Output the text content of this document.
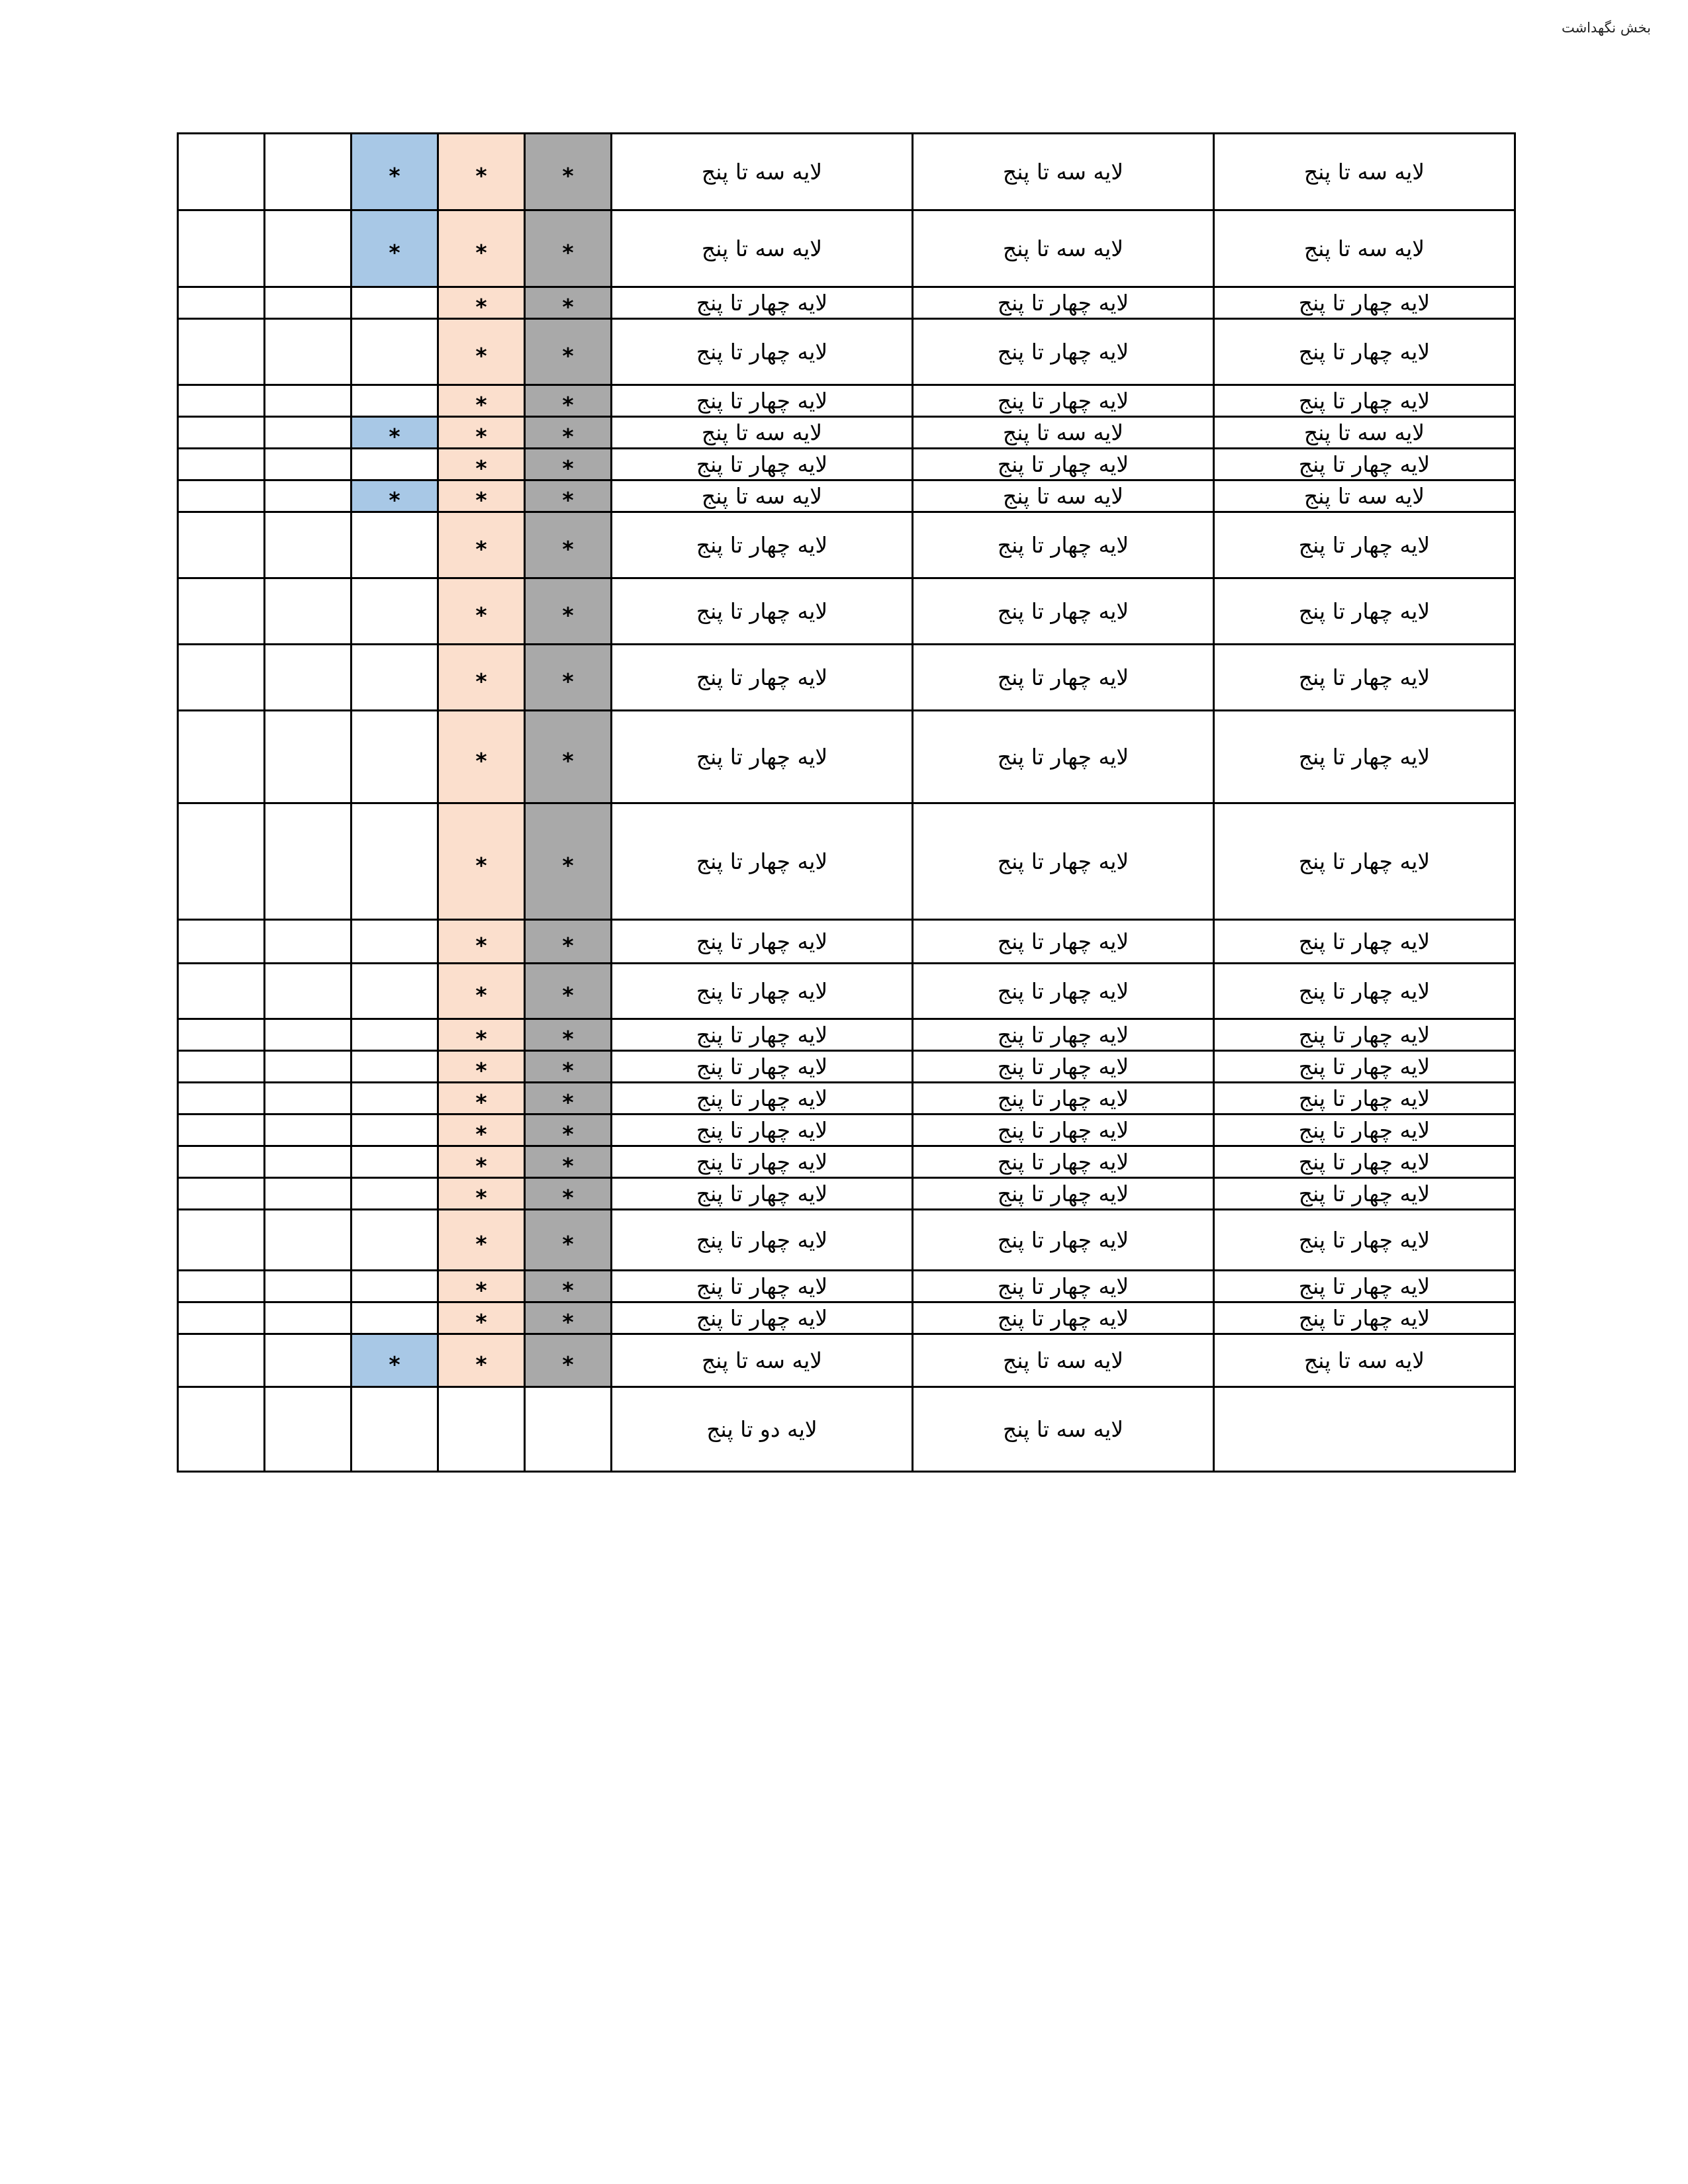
بخش نگهداشت
لایه سه تا پنج	لایه سه تا پنج	لایه سه تا پنج	*	*	*		
لایه سه تا پنج	لایه سه تا پنج	لایه سه تا پنج	*	*	*		
لایه چهار تا پنج	لایه چهار تا پنج	لایه چهار تا پنج	*	*			
لایه چهار تا پنج	لایه چهار تا پنج	لایه چهار تا پنج	*	*			
لایه چهار تا پنج	لایه چهار تا پنج	لایه چهار تا پنج	*	*			
لایه سه تا پنج	لایه سه تا پنج	لایه سه تا پنج	*	*	*		
لایه چهار تا پنج	لایه چهار تا پنج	لایه چهار تا پنج	*	*			
لایه سه تا پنج	لایه سه تا پنج	لایه سه تا پنج	*	*	*		
لایه چهار تا پنج	لایه چهار تا پنج	لایه چهار تا پنج	*	*			
لایه چهار تا پنج	لایه چهار تا پنج	لایه چهار تا پنج	*	*			
لایه چهار تا پنج	لایه چهار تا پنج	لایه چهار تا پنج	*	*			
لایه چهار تا پنج	لایه چهار تا پنج	لایه چهار تا پنج	*	*			
لایه چهار تا پنج	لایه چهار تا پنج	لایه چهار تا پنج	*	*			
لایه چهار تا پنج	لایه چهار تا پنج	لایه چهار تا پنج	*	*			
لایه چهار تا پنج	لایه چهار تا پنج	لایه چهار تا پنج	*	*			
لایه چهار تا پنج	لایه چهار تا پنج	لایه چهار تا پنج	*	*			
لایه چهار تا پنج	لایه چهار تا پنج	لایه چهار تا پنج	*	*			
لایه چهار تا پنج	لایه چهار تا پنج	لایه چهار تا پنج	*	*			
لایه چهار تا پنج	لایه چهار تا پنج	لایه چهار تا پنج	*	*			
لایه چهار تا پنج	لایه چهار تا پنج	لایه چهار تا پنج	*	*			
لایه چهار تا پنج	لایه چهار تا پنج	لایه چهار تا پنج	*	*			
لایه چهار تا پنج	لایه چهار تا پنج	لایه چهار تا پنج	*	*			
لایه چهار تا پنج	لایه چهار تا پنج	لایه چهار تا پنج	*	*			
لایه چهار تا پنج	لایه چهار تا پنج	لایه چهار تا پنج	*	*			
لایه سه تا پنج	لایه سه تا پنج	لایه سه تا پنج	*	*	*		
	لایه سه تا پنج	لایه دو تا پنج					
